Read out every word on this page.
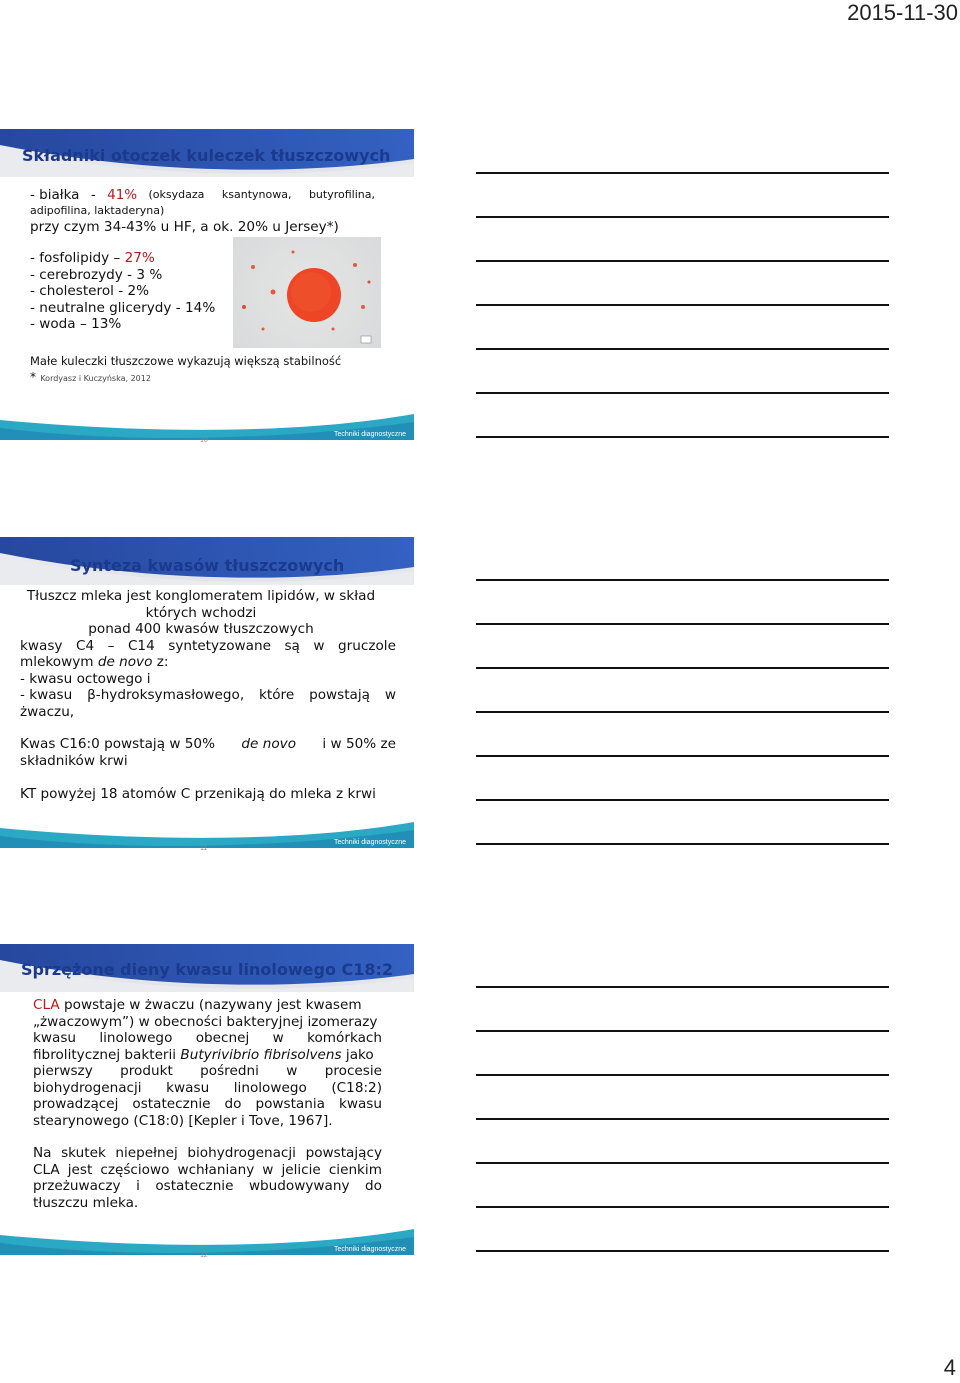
2015-11-30
Składniki otoczek kuleczek tłuszczowych
- białka - 41% (oksydaza ksantynowa, butyrofilina,
adipofilina, laktaderyna)
przy czym 34-43% u HF, a ok. 20% u Jersey*)
- fosfolipidy – 27%
- cerebrozydy - 3 %
- cholesterol - 2%
- neutralne glicerydy - 14%
- woda – 13%
Małe kuleczki tłuszczowe wykazują większą stabilność
* Kordyasz i Kuczyńska, 2012
Techniki diagnostyczne
10
Synteza kwasów tłuszczowych
Tłuszcz mleka jest konglomeratem lipidów, w skład
których wchodzi
ponad 400 kwasów tłuszczowych
kwasy C4 – C14 syntetyzowane są w gruczole
mlekowym de novo z:
- kwasu octowego i
- kwasu β-hydroksymasłowego, które powstają w
żwaczu,
Kwas C16:0 powstają w 50% de novo i w 50% ze
składników krwi
KT powyżej 18 atomów C przenikają do mleka z krwi
Techniki diagnostyczne
11
Sprzężone dieny kwasu linolowego C18:2
CLA powstaje w żwaczu (nazywany jest kwasem
„żwaczowym”) w obecności bakteryjnej izomerazy
kwasu linolowego obecnej w komórkach
fibrolitycznej bakterii Butyrivibrio fibrisolvens jako
pierwszy produkt pośredni w procesie
biohydrogenacji kwasu linolowego (C18:2)
prowadzącej ostatecznie do powstania kwasu
stearynowego (C18:0) [Kepler i Tove, 1967].
Na skutek niepełnej biohydrogenacji powstający
CLA jest częściowo wchłaniany w jelicie cienkim
przeżuwaczy i ostatecznie wbudowywany do
tłuszczu mleka.
Techniki diagnostyczne
12
4
